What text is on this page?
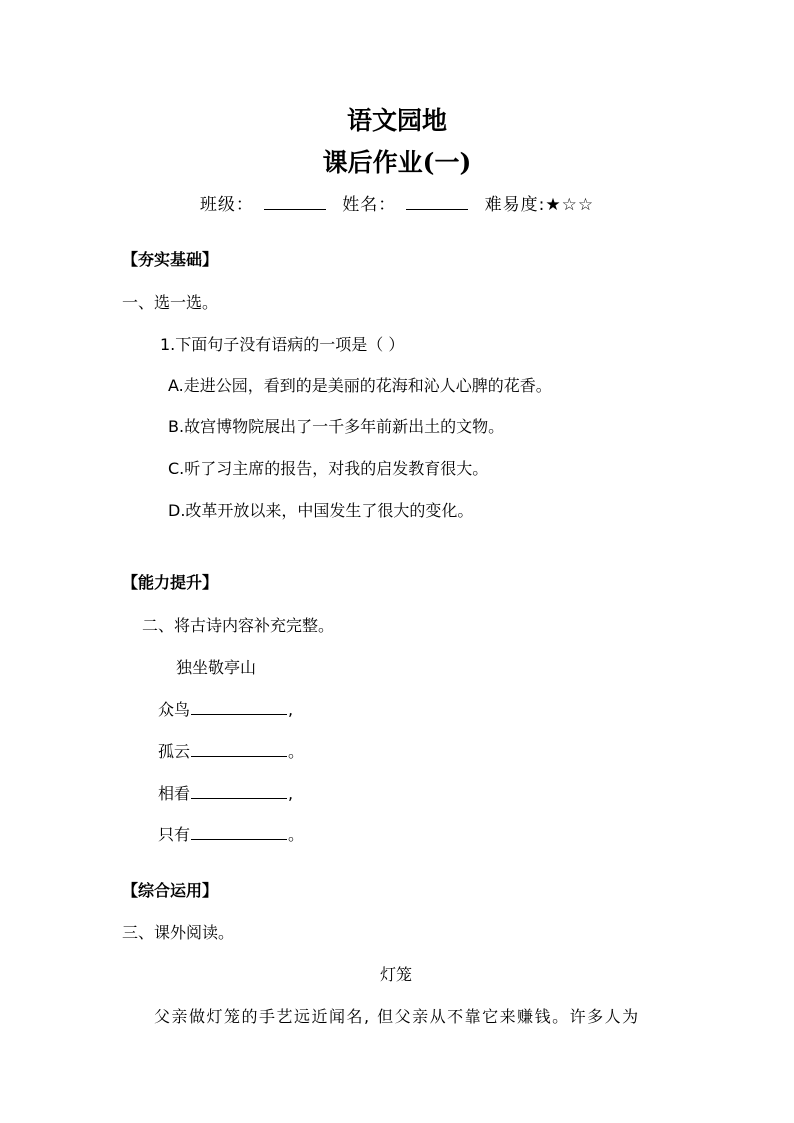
语文园地
课后作业(一)
班级：	姓名：	难易度:★☆☆
【夯实基础】
一、选一选。
1.下面句子没有语病的一项是（ ）
A.走进公园，看到的是美丽的花海和沁人心脾的花香。
B.故宫博物院展出了一千多年前新出土的文物。
C.听了习主席的报告，对我的启发教育很大。
D.改革开放以来，中国发生了很大的变化。
【能力提升】
二、将古诗内容补充完整。
独坐敬亭山
众鸟	,
孤云	。
相看	,
只有	。
【综合运用】
三、课外阅读。
灯笼
父亲做灯笼的手艺远近闻名, 但父亲从不靠它来赚钱。许多人为
